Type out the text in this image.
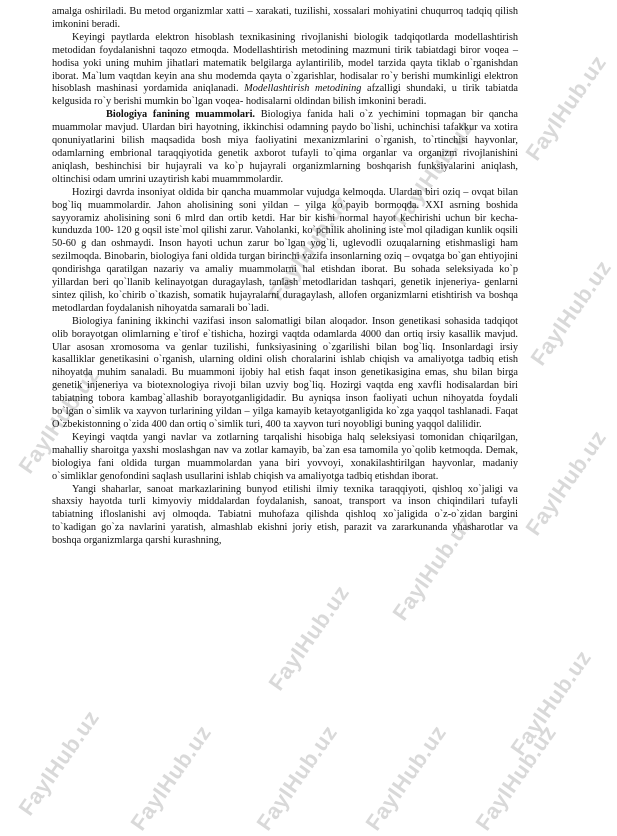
FayIHub.uz
FayIHub.uz
FayIHub.uz
FayIHub.uz
FayIHub.uz
FayIHub.uz
FayIHub.uz
FayIHub.uz
FayIHub.uz
FayIHub.uz FayIHub.uz FayIHub.uz FayIHub.uz FayIHub.uz

amalga oshiriladi. Bu metod organizmlar xatti – xarakati, tuzilishi, xossalari mohiyatini chuqurroq tadqiq qilish imkonini beradi.

Keyingi paytlarda elektron hisoblash texnikasining rivojlanishi biologik tadqiqotlarda modellashtirish metodidan foydalanishni taqozo etmoqda. Modellashtirish metodining mazmuni tirik tabiatdagi biror voqea – hodisa yoki uning muhim jihatlari matematik belgilarga aylantirilib, model tarzida qayta tiklab o`rganishdan iborat. Ma`lum vaqtdan keyin ana shu modemda qayta o`zgarishlar, hodisalar ro`y berishi mumkinligi elektron hisoblash mashinasi yordamida aniqlanadi. Modellashtirish metodining afzalligi shundaki, u tirik tabiatda kelgusida ro`y berishi mumkin bo`lgan voqea- hodisalarni oldindan bilish imkonini beradi.

Biologiya fanining muammolari. Biologiya fanida hali o`z yechimini topmagan bir qancha muammolar mavjud. Ulardan biri hayotning, ikkinchisi odamning paydo bo`lishi, uchinchisi tafakkur va xotira qonuniyatlarini bilish maqsadida bosh miya faoliyatini mexanizmlarini o`rganish, to`rtinchisi hayvonlar, odamlarning embrional taraqqiyotida genetik axborot tufayli to`qima organlar va organizm rivojlanishini aniqlash, beshinchisi bir hujayrali va ko`p hujayrali organizmlarning boshqarish funksiyalarini aniqlash, oltinchisi odam umrini uzaytirish kabi muammmolardir.

Hozirgi davrda insoniyat oldida bir qancha muammolar vujudga kelmoqda. Ulardan biri oziq – ovqat bilan bog`liq muammolardir. Jahon aholisining soni yildan – yilga ko`payib bormoqda. XXI asrning boshida sayyoramiz aholisining soni 6 mlrd dan ortib ketdi. Har bir kishi normal hayot kechirishi uchun bir kecha- kunduzda 100- 120 g oqsil iste`mol qilishi zarur. Vaholanki, ko`pchilik aholining iste`mol qiladigan kunlik oqsili 50-60 g dan oshmaydi. Inson hayoti uchun zarur bo`lgan yog`li, uglevodli ozuqalarning etishmasligi ham sezilmoqda. Binobarin, biologiya fani oldida turgan birinchi vazifa insonlarning oziq – ovqatga bo`gan ehtiyojini qondirishga qaratilgan nazariy va amaliy muammolarni hal etishdan iborat. Bu sohada seleksiyada ko`p yillardan beri qo`llanib kelinayotgan duragaylash, tanlash metodlaridan tashqari, genetik injeneriya- genlarni sintez qilish, ko`chirib o`tkazish, somatik hujayralarni duragaylash, allofen organizmlarni etishtirish va boshqa metodlardan foydalanish nihoyatda samarali bo`ladi.

Biologiya fanining ikkinchi vazifasi inson salomatligi bilan aloqador. Inson genetikasi sohasida tadqiqot olib borayotgan olimlarning e`tirof e`tishicha, hozirgi vaqtda odamlarda 4000 dan ortiq irsiy kasallik mavjud. Ular asosan xromosoma va genlar tuzilishi, funksiyasining o`zgarilishi bilan bog`liq. Insonlardagi irsiy kasalliklar genetikasini o`rganish, ularning oldini olish choralarini ishlab chiqish va amaliyotga tadbiq etish nihoyatda muhim sanaladi. Bu muammoni ijobiy hal etish faqat inson genetikasigina emas, shu bilan birga genetik injeneriya va biotexnologiya rivoji bilan uzviy bog`liq. Hozirgi vaqtda eng xavfli hodisalardan biri tabiatning tobora kambag`allashib borayotganligidadir. Bu ayniqsa inson faoliyati uchun nihoyatda foydali bo`lgan o`simlik va xayvon turlarining yildan – yilga kamayib ketayotganligida ko`zga yaqqol tashlanadi. Faqat O`zbekistonning o`zida 400 dan ortiq o`simlik turi, 400 ta xayvon turi noyobligi buning yaqqol dalilidir.

Keyingi vaqtda yangi navlar va zotlarning tarqalishi hisobiga halq seleksiyasi tomonidan chiqarilgan, mahalliy sharoitga yaxshi moslashgan nav va zotlar kamayib, ba`zan esa tamomila yo`qolib ketmoqda. Demak, biologiya fani oldida turgan muammolardan yana biri yovvoyi, xonakilashtirilgan hayvonlar, madaniy o`simliklar genofondini saqlash usullarini ishlab chiqish va amaliyotga tadbiq etishdan iborat.

Yangi shaharlar, sanoat markazlarining bunyod etilishi ilmiy texnika taraqqiyoti, qishloq xo`jaligi va shaxsiy hayotda turli kimyoviy middalardan foydalanish, sanoat, transport va inson chiqindilari tufayli tabiatning ifloslanishi avj olmoqda. Tabiatni muhofaza qilishda qishloq xo`jaligida o`z-o`zidan bargini to`kadigan go`za navlarini yaratish, almashlab ekishni joriy etish, parazit va zararkunanda yhasharotlar va boshqa organizmlarga qarshi kurashning,
